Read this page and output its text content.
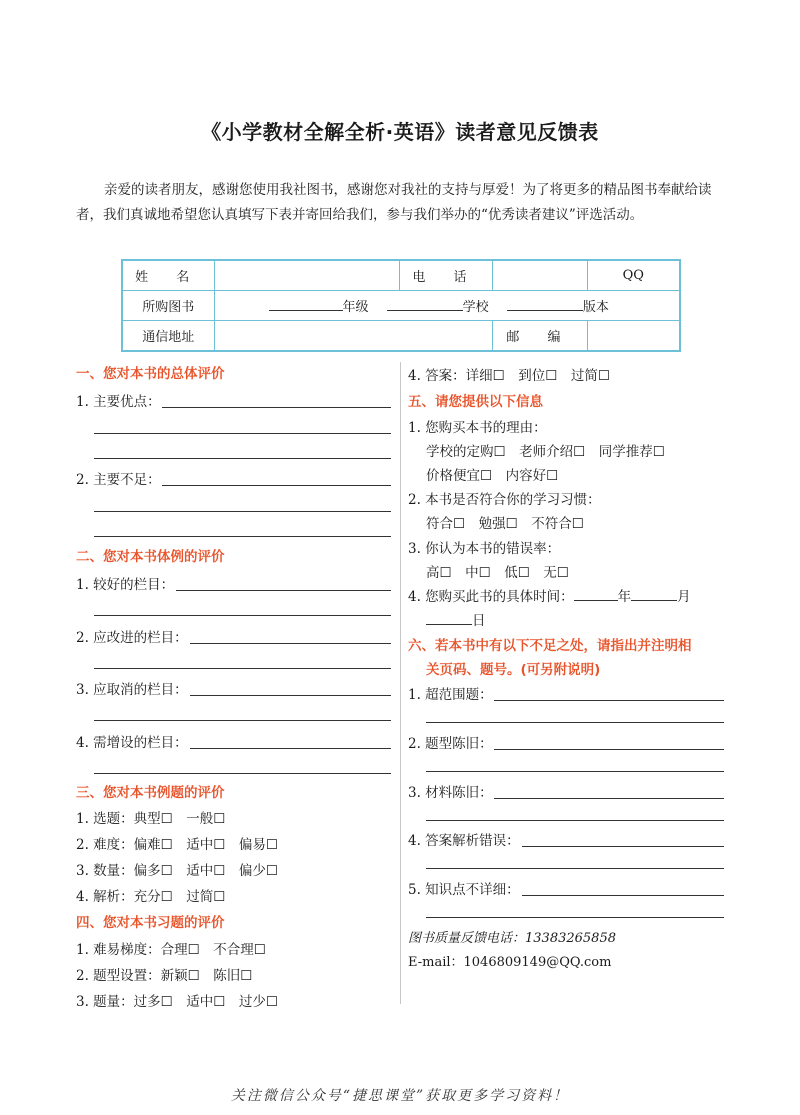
《小学教材全解全析·英语》读者意见反馈表
亲爱的读者朋友，感谢您使用我社图书，感谢您对我社的支持与厚爱！为了将更多的精品图书奉献给读者，我们真诚地希望您认真填写下表并寄回给我们，参与我们举办的“优秀读者建议”评选活动。
姓 名		电 话		QQ
所购图书	年级 学校 版本			
通信地址			邮 编	
一、您对本书的总体评价
1. 主要优点：
2. 主要不足：
二、您对本书体例的评价
1. 较好的栏目：
2. 应改进的栏目：
3. 应取消的栏目：
4. 需增设的栏目：
三、您对本书例题的评价
1. 选题：典型☐　一般☐
2. 难度：偏难☐　适中☐　偏易☐
3. 数量：偏多☐　适中☐　偏少☐
4. 解析：充分☐　过简☐
四、您对本书习题的评价
1. 难易梯度：合理☐　不合理☐
2. 题型设置：新颖☐　陈旧☐
3. 题量：过多☐　适中☐　过少☐
4. 答案：详细☐　到位☐　过简☐
五、请您提供以下信息
1. 您购买本书的理由：
学校的定购☐　老师介绍☐　同学推荐☐
价格便宜☐　内容好☐
2. 本书是否符合你的学习习惯：
符合☐　勉强☐　不符合☐
3. 你认为本书的错误率：
高☐　中☐　低☐　无☐
4. 您购买此书的具体时间：	年	月
日
六、若本书中有以下不足之处，请指出并注明相
关页码、题号。(可另附说明)
1. 超范围题：
2. 题型陈旧：
3. 材料陈旧：
4. 答案解析错误：
5. 知识点不详细：
图书质量反馈电话：13383265858
E-mail：1046809149@QQ.com
关注微信公众号“捷思课堂”获取更多学习资料！
